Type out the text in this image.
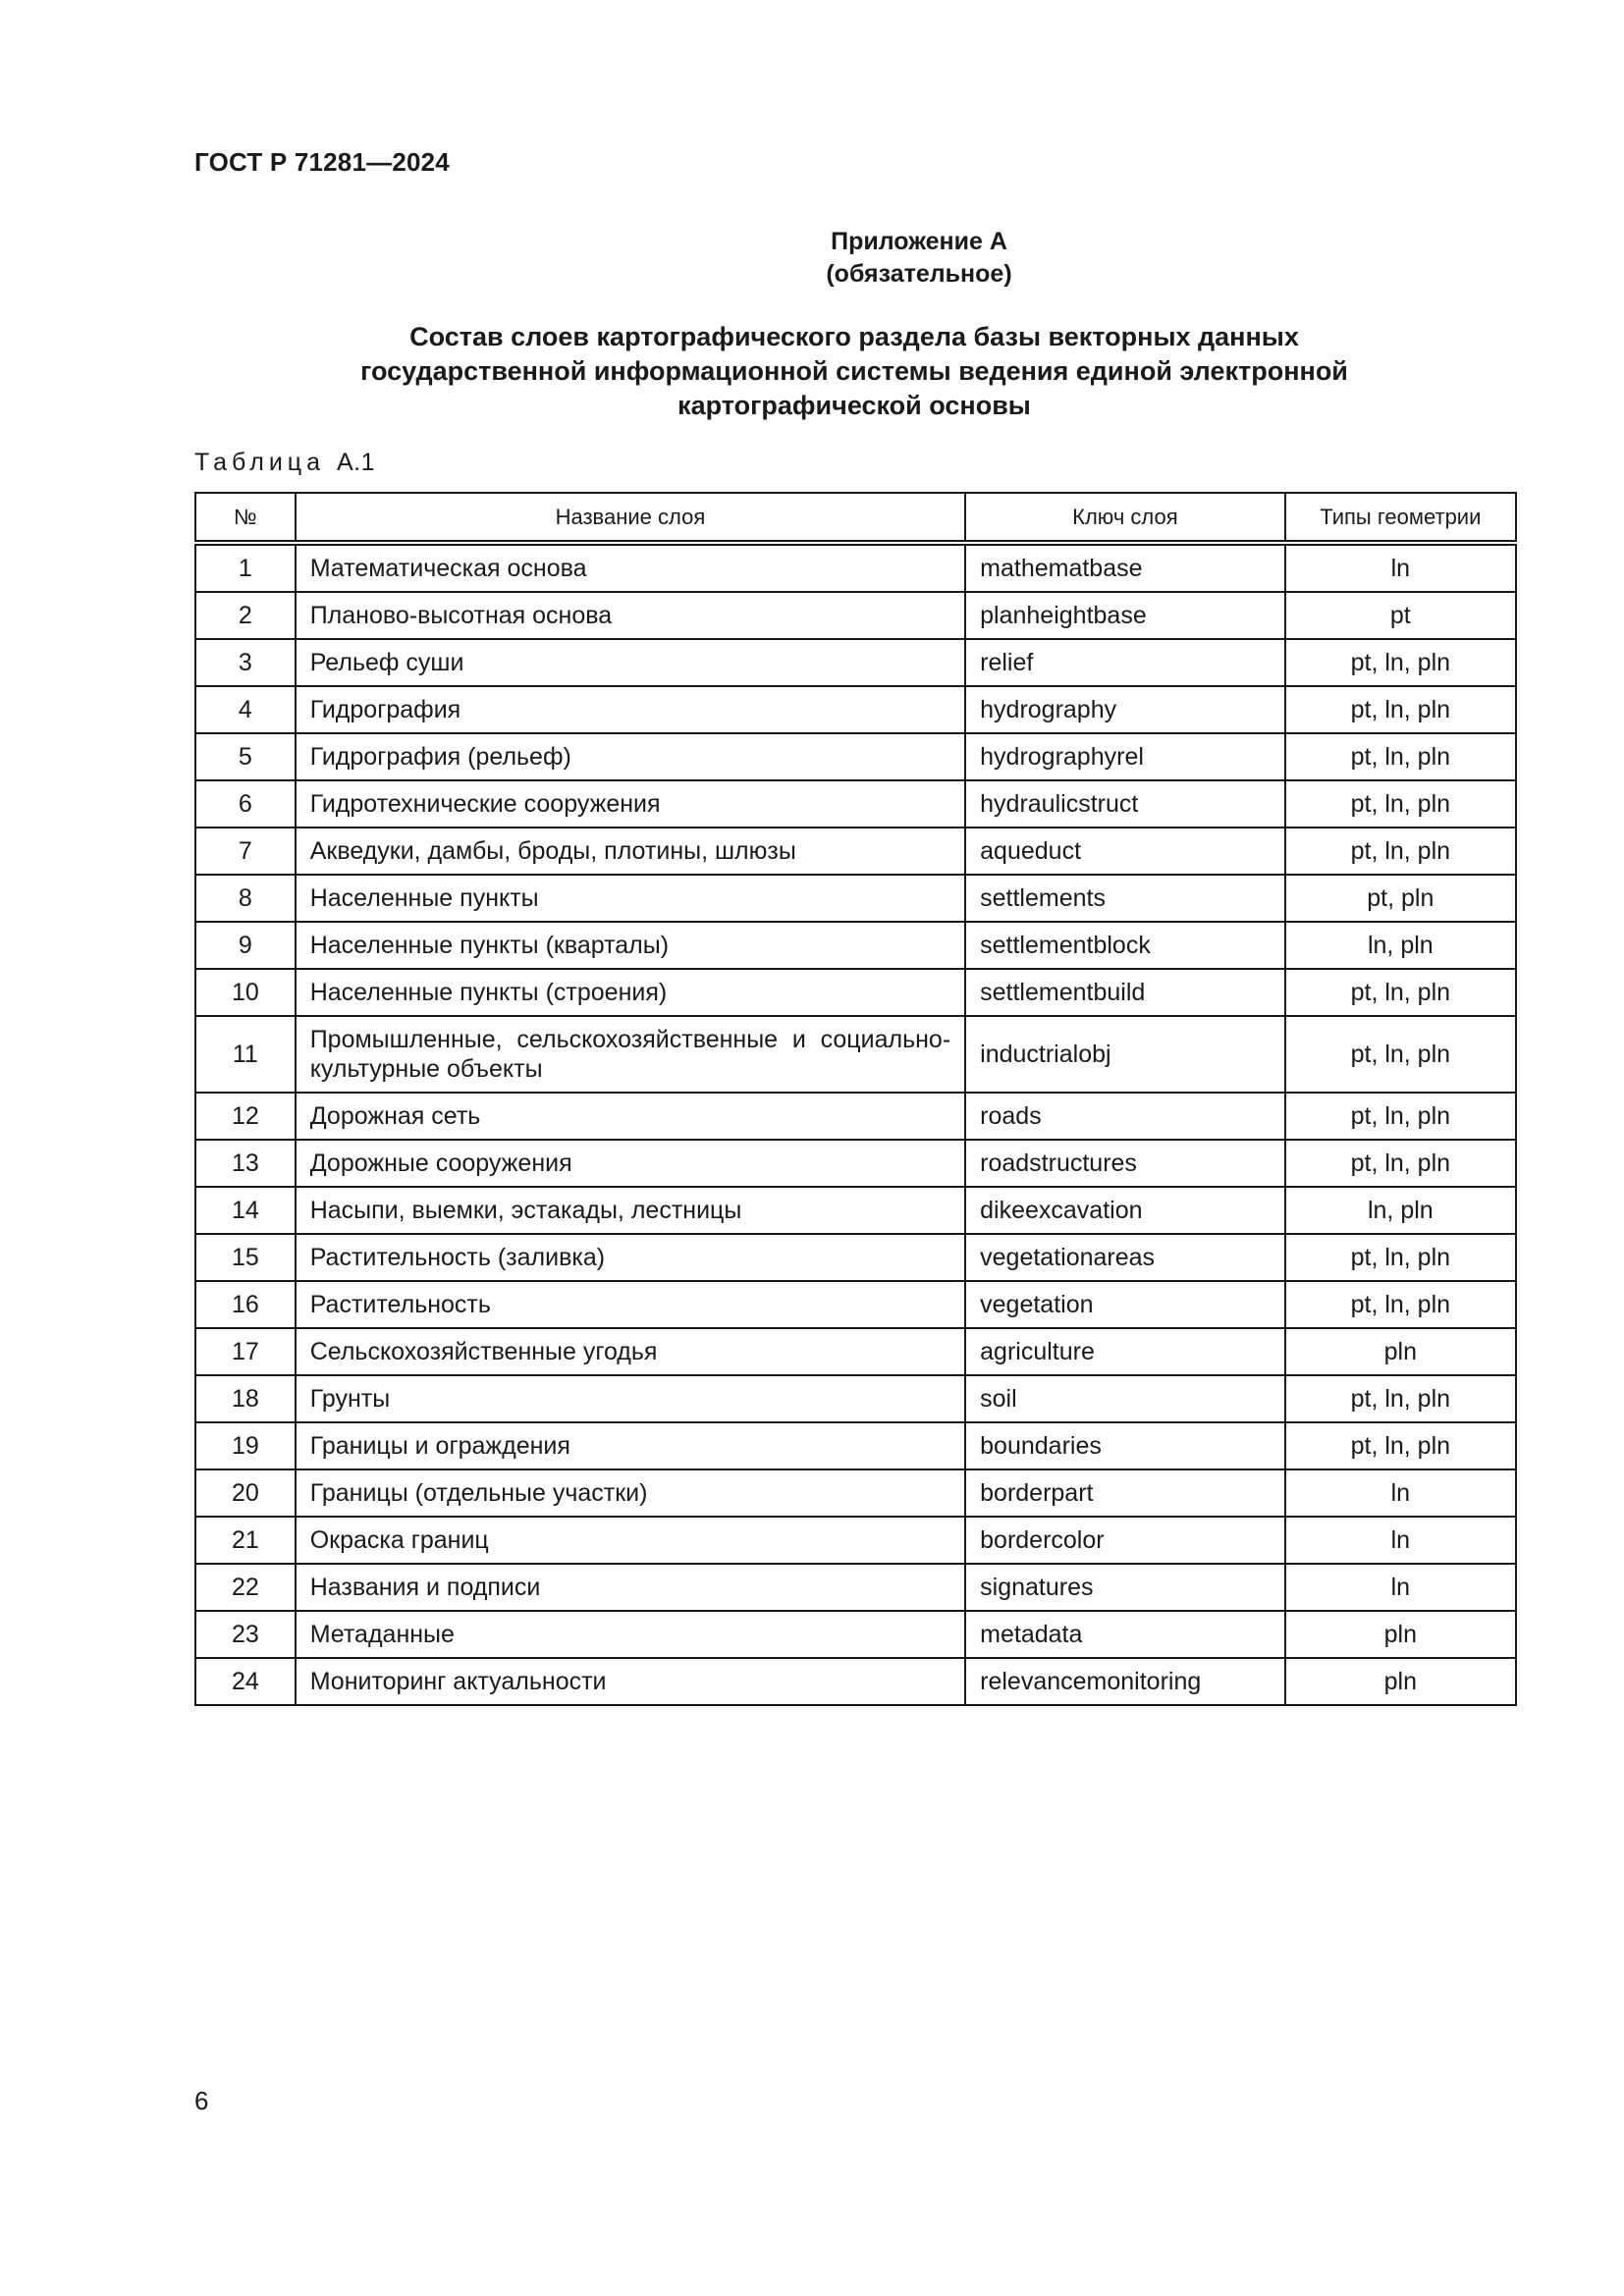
ГОСТ Р 71281—2024
Приложение А
(обязательное)
Состав слоев картографического раздела базы векторных данных
государственной информационной системы ведения единой электронной
картографической основы
Таблица А.1
№	Название слоя	Ключ слоя	Типы геометрии
1	Математическая основа	mathematbase	ln
2	Планово-высотная основа	planheightbase	pt
3	Рельеф суши	relief	pt, ln, pln
4	Гидрография	hydrography	pt, ln, pln
5	Гидрография (рельеф)	hydrographyrel	pt, ln, pln
6	Гидротехнические сооружения	hydraulicstruct	pt, ln, pln
7	Акведуки, дамбы, броды, плотины, шлюзы	aqueduct	pt, ln, pln
8	Населенные пункты	settlements	pt, pln
9	Населенные пункты (кварталы)	settlementblock	ln, pln
10	Населенные пункты (строения)	settlementbuild	pt, ln, pln
11	Промышленные, сельскохозяйственные и социально-культурные объекты	inductrialobj	pt, ln, pln
12	Дорожная сеть	roads	pt, ln, pln
13	Дорожные сооружения	roadstructures	pt, ln, pln
14	Насыпи, выемки, эстакады, лестницы	dikeexcavation	ln, pln
15	Растительность (заливка)	vegetationareas	pt, ln, pln
16	Растительность	vegetation	pt, ln, pln
17	Сельскохозяйственные угодья	agriculture	pln
18	Грунты	soil	pt, ln, pln
19	Границы и ограждения	boundaries	pt, ln, pln
20	Границы (отдельные участки)	borderpart	ln
21	Окраска границ	bordercolor	ln
22	Названия и подписи	signatures	ln
23	Метаданные	metadata	pln
24	Мониторинг актуальности	relevancemonitoring	pln
6
